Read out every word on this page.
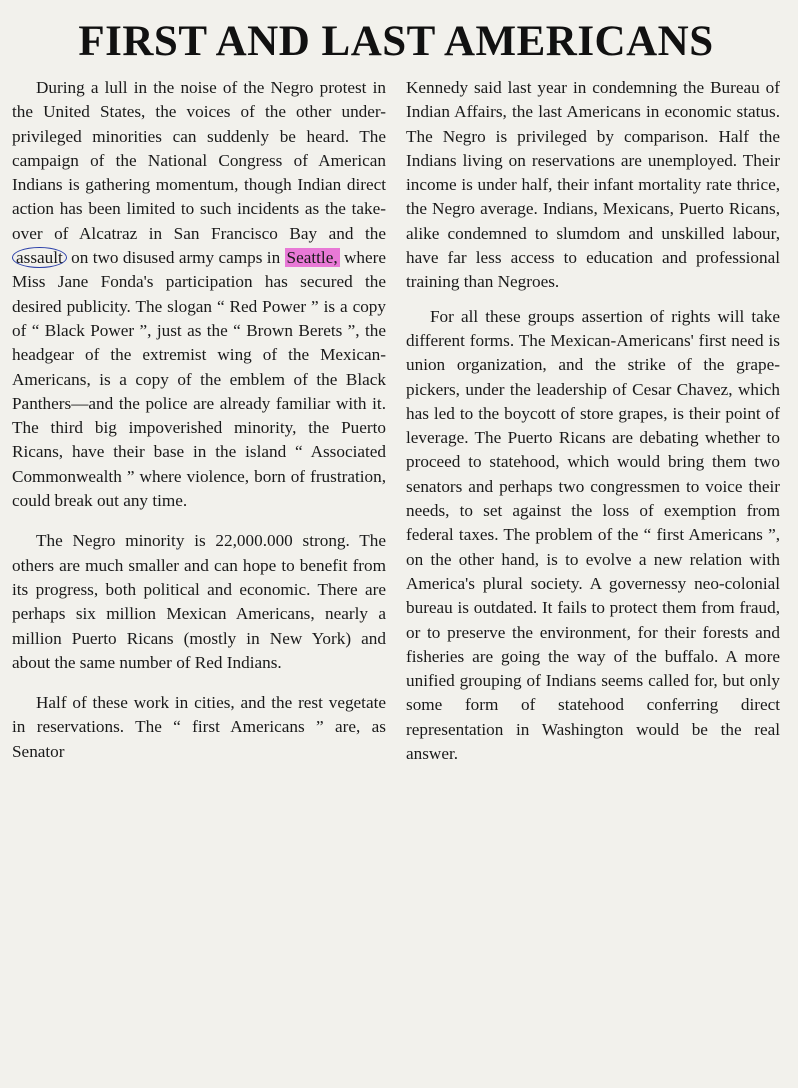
FIRST AND LAST AMERICANS

During a lull in the noise of the Negro protest in the United States, the voices of the other under-privileged minorities can suddenly be heard. The campaign of the National Congress of American Indians is gathering momentum, though Indian direct action has been limited to such incidents as the take-over of Alcatraz in San Francisco Bay and the assault on two disused army camps in Seattle, where Miss Jane Fonda's participation has secured the desired publicity. The slogan “ Red Power ” is a copy of “ Black Power ”, just as the “ Brown Berets ”, the headgear of the extremist wing of the Mexican-Americans, is a copy of the emblem of the Black Panthers—and the police are already familiar with it. The third big impoverished minority, the Puerto Ricans, have their base in the island “ Associated Commonwealth ” where violence, born of frustration, could break out any time.

The Negro minority is 22,000.000 strong. The others are much smaller and can hope to benefit from its progress, both political and economic. There are perhaps six million Mexican Americans, nearly a million Puerto Ricans (mostly in New York) and about the same number of Red Indians.

Half of these work in cities, and the rest vegetate in reservations. The “ first Americans ” are, as Senator

Kennedy said last year in condemning the Bureau of Indian Affairs, the last Americans in economic status. The Negro is privileged by comparison. Half the Indians living on reservations are unemployed. Their income is under half, their infant mortality rate thrice, the Negro average. Indians, Mexicans, Puerto Ricans, alike condemned to slumdom and unskilled labour, have far less access to education and professional training than Negroes.

For all these groups assertion of rights will take different forms. The Mexican-Americans' first need is union organization, and the strike of the grape-pickers, under the leadership of Cesar Chavez, which has led to the boycott of store grapes, is their point of leverage. The Puerto Ricans are debating whether to proceed to statehood, which would bring them two senators and perhaps two congressmen to voice their needs, to set against the loss of exemption from federal taxes. The problem of the “ first Americans ”, on the other hand, is to evolve a new relation with America's plural society. A governessy neo-colonial bureau is outdated. It fails to protect them from fraud, or to preserve the environment, for their forests and fisheries are going the way of the buffalo. A more unified grouping of Indians seems called for, but only some form of statehood conferring direct representation in Washington would be the real answer.
